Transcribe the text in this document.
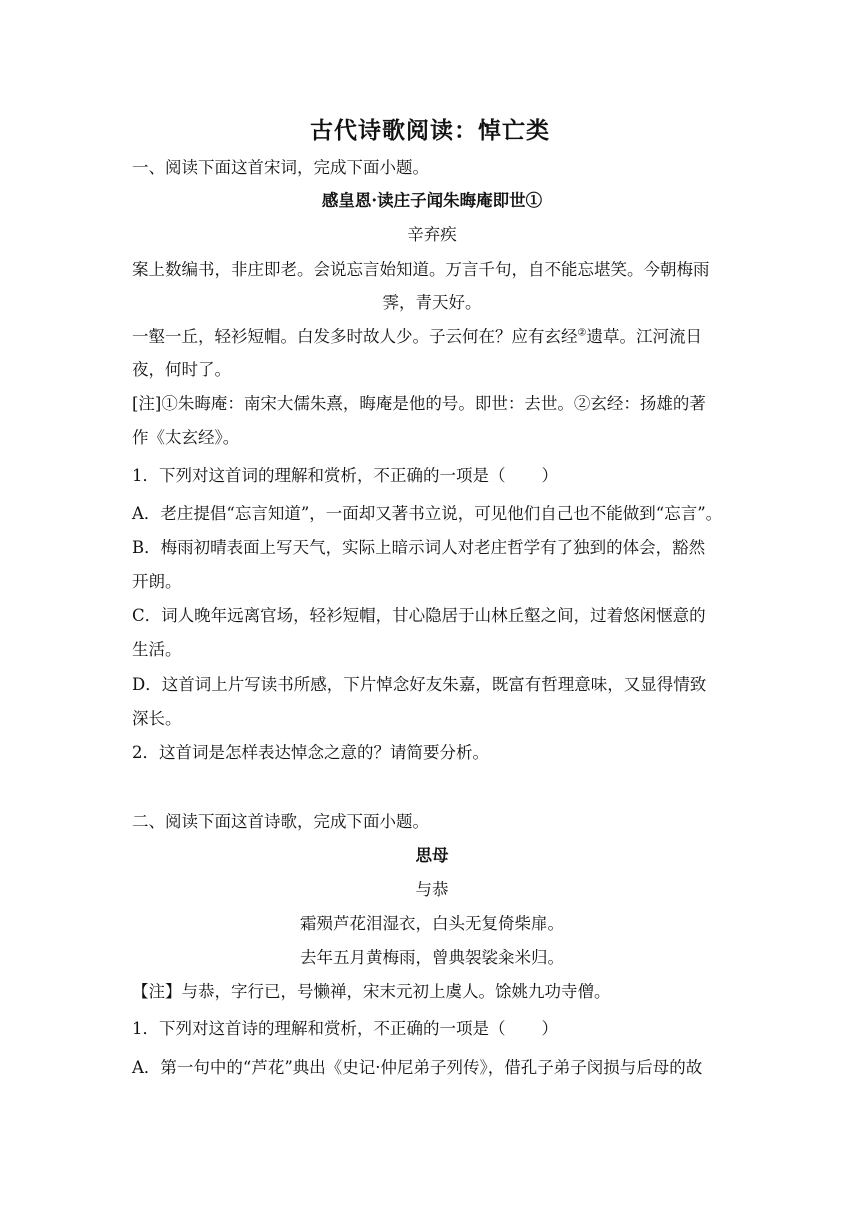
古代诗歌阅读：悼亡类
一、阅读下面这首宋词，完成下面小题。
感皇恩·读庄子闻朱晦庵即世①
辛弃疾
案上数编书，非庄即老。会说忘言始知道。万言千句，自不能忘堪笑。今朝梅雨
霁，青天好。
一壑一丘，轻衫短帽。白发多时故人少。子云何在？应有玄经②遗草。江河流日
夜，何时了。
[注]①朱晦庵：南宋大儒朱熹，晦庵是他的号。即世：去世。②玄经：扬雄的著
作《太玄经》。
1．下列对这首词的理解和赏析，不正确的一项是（ ）
A．老庄提倡“忘言知道”，一面却又著书立说，可见他们自己也不能做到“忘言”。
B．梅雨初晴表面上写天气，实际上暗示词人对老庄哲学有了独到的体会，豁然
开朗。
C．词人晚年远离官场，轻衫短帽，甘心隐居于山林丘壑之间，过着悠闲惬意的
生活。
D．这首词上片写读书所感，下片悼念好友朱嘉，既富有哲理意味，又显得情致
深长。
2．这首词是怎样表达悼念之意的？请简要分析。
二、阅读下面这首诗歌，完成下面小题。
思母
与恭
霜殒芦花泪湿衣，白头无复倚柴扉。
去年五月黄梅雨，曾典袈裟籴米归。
【注】与恭，字行已，号懒禅，宋末元初上虞人。馀姚九功寺僧。
1．下列对这首诗的理解和赏析，不正确的一项是（ ）
A．第一句中的“芦花”典出《史记·仲尼弟子列传》，借孔子弟子闵损与后母的故
